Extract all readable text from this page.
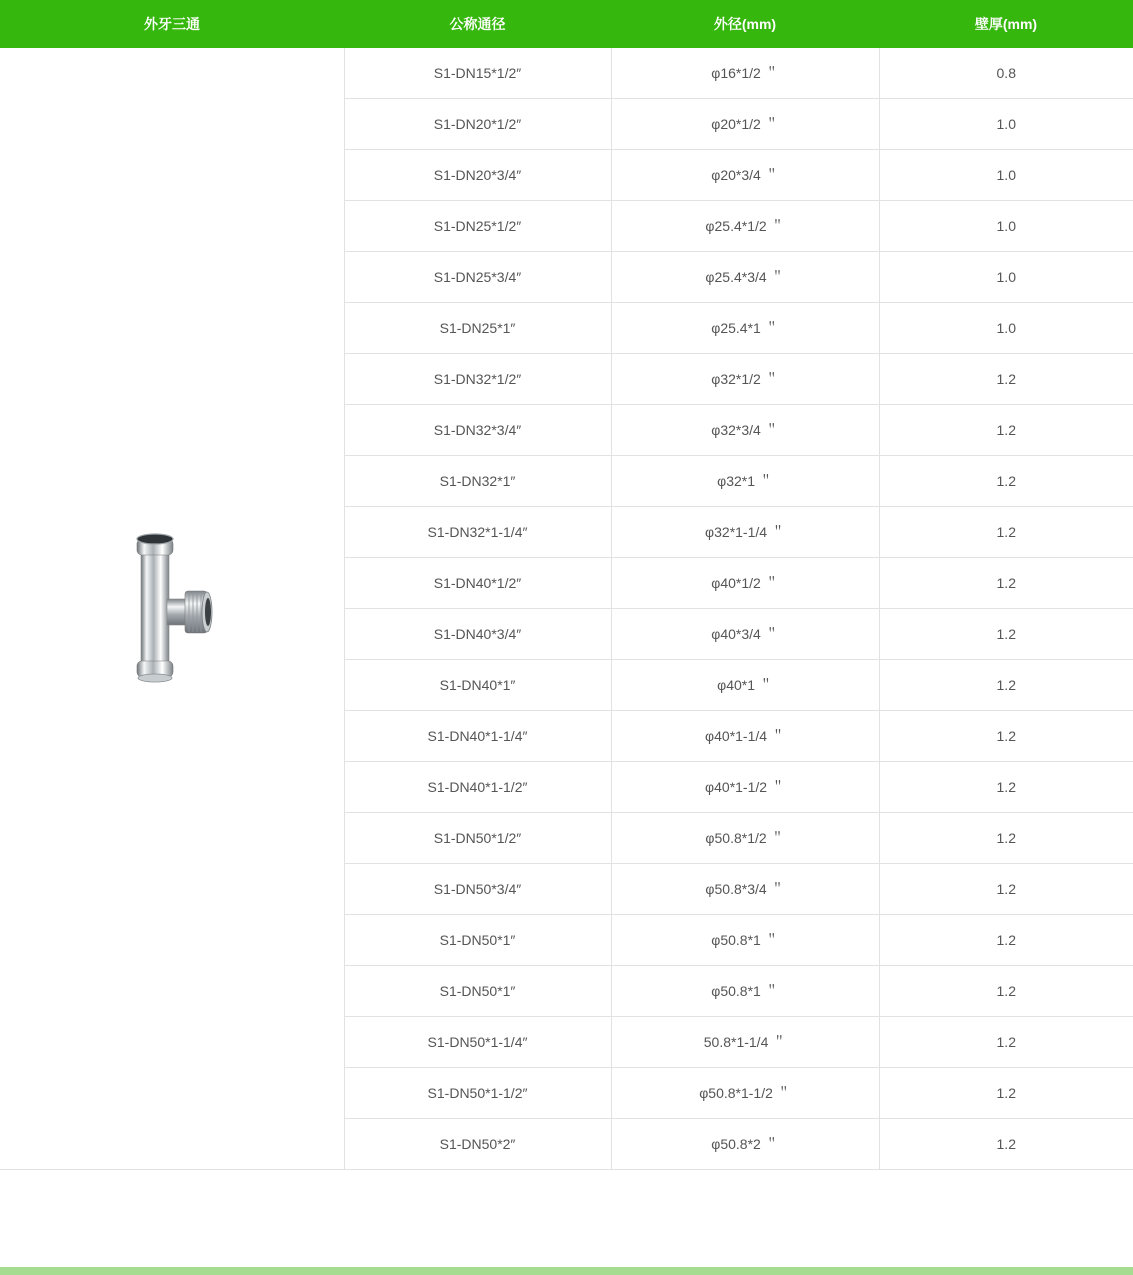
外牙三通	公称通径	外径(mm)	壁厚(mm)
	S1-DN15*1/2″	φ16*1/2 ＂	0.8
	S1-DN20*1/2″	φ20*1/2 ＂	1.0
	S1-DN20*3/4″	φ20*3/4 ＂	1.0
	S1-DN25*1/2″	φ25.4*1/2 ＂	1.0
	S1-DN25*3/4″	φ25.4*3/4 ＂	1.0
	S1-DN25*1″	φ25.4*1 ＂	1.0
	S1-DN32*1/2″	φ32*1/2 ＂	1.2
	S1-DN32*3/4″	φ32*3/4 ＂	1.2
	S1-DN32*1″	φ32*1 ＂	1.2
	S1-DN32*1-1/4″	φ32*1-1/4 ＂	1.2
	S1-DN40*1/2″	φ40*1/2 ＂	1.2
	S1-DN40*3/4″	φ40*3/4 ＂	1.2
	S1-DN40*1″	φ40*1 ＂	1.2
	S1-DN40*1-1/4″	φ40*1-1/4 ＂	1.2
	S1-DN40*1-1/2″	φ40*1-1/2 ＂	1.2
	S1-DN50*1/2″	φ50.8*1/2 ＂	1.2
	S1-DN50*3/4″	φ50.8*3/4 ＂	1.2
	S1-DN50*1″	φ50.8*1 ＂	1.2
	S1-DN50*1″	φ50.8*1 ＂	1.2
	S1-DN50*1-1/4″	50.8*1-1/4 ＂	1.2
	S1-DN50*1-1/2″	φ50.8*1-1/2 ＂	1.2
	S1-DN50*2″	φ50.8*2 ＂	1.2
